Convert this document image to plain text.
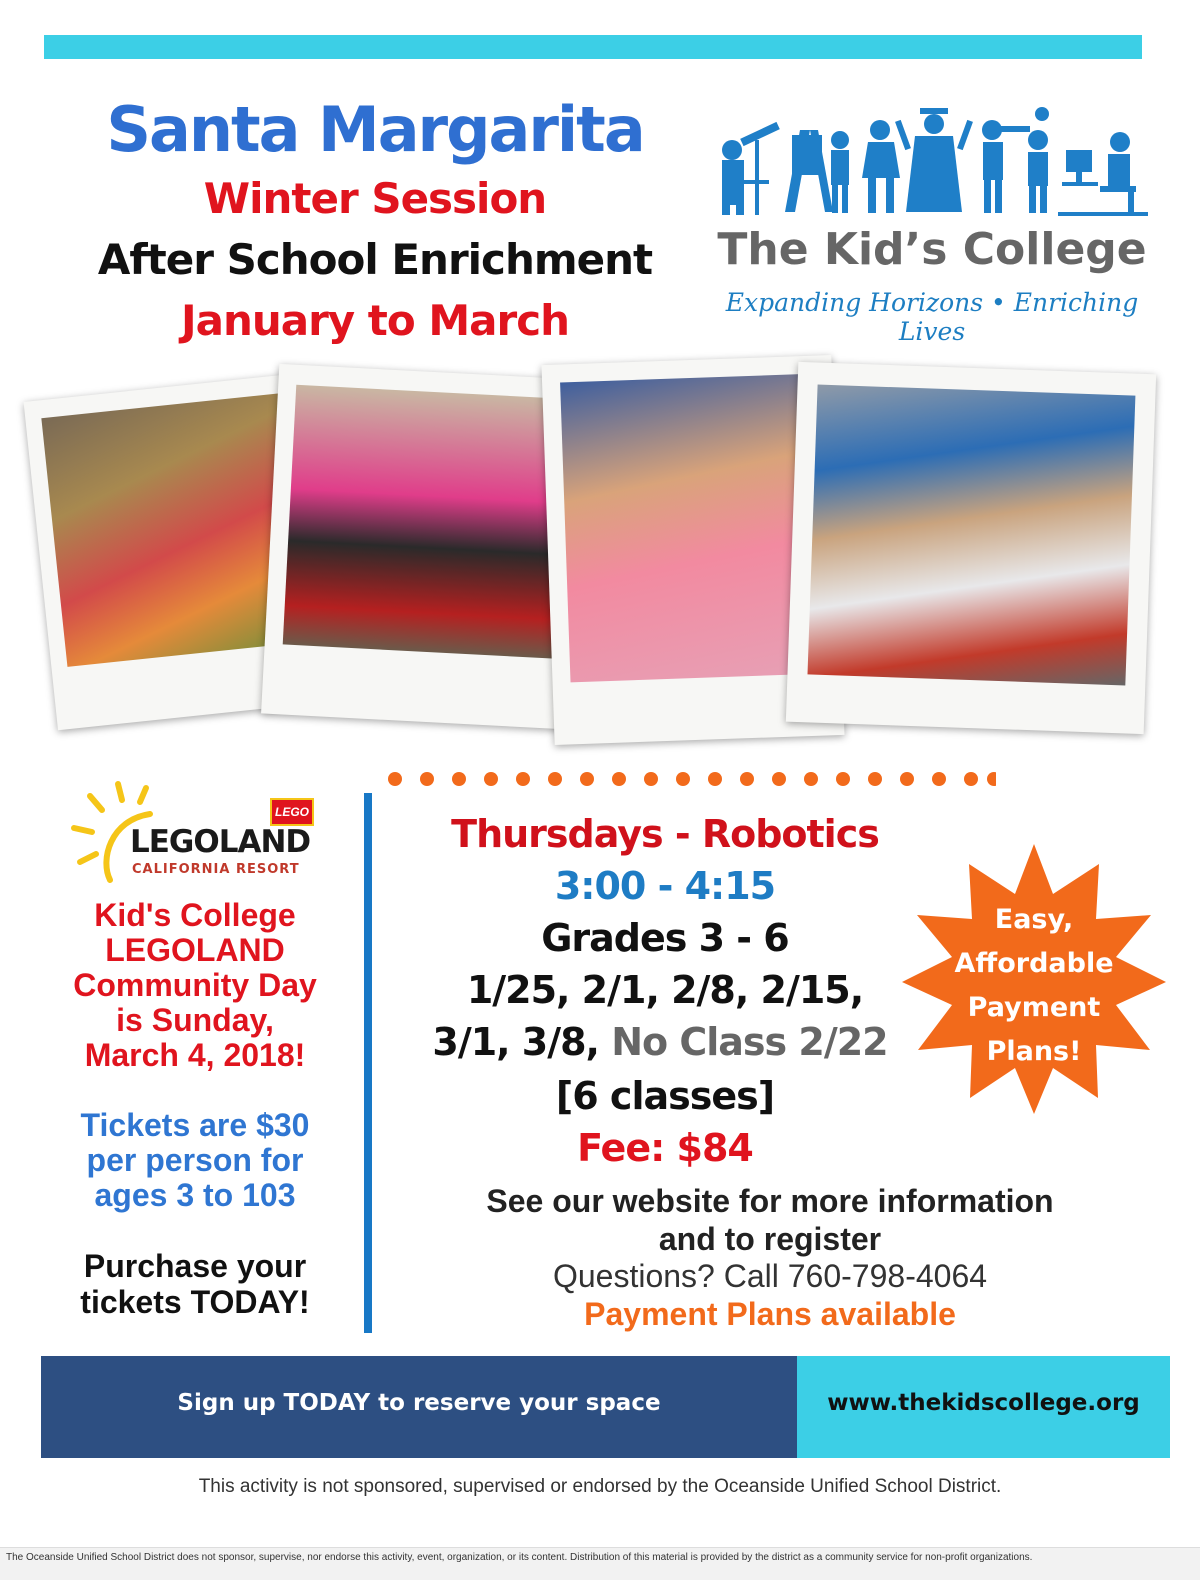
Santa Margarita
Winter Session
After School Enrichment
January to March
The Kid’s College
Expanding Horizons • Enriching Lives
LEGO
LEGOLAND
CALIFORNIA RESORT
Kid's College
LEGOLAND
Community Day
is Sunday,
March 4, 2018!
Tickets are $30
per person for
ages 3 to 103
Purchase your
tickets TODAY!
Thursdays - Robotics
3:00 - 4:15
Grades 3 - 6
1/25, 2/1, 2/8, 2/15,
3/1, 3/8, No Class 2/22
[6 classes]
Fee: $84
See our website for more information
and to register
Questions? Call 760-798-4064
Payment Plans available
Easy,
Affordable
Payment
Plans!
Sign up TODAY to reserve your space	www.thekidscollege.org
This activity is not sponsored, supervised or endorsed by the Oceanside Unified School District.
The Oceanside Unified School District does not sponsor, supervise, nor endorse this activity, event, organization, or its content. Distribution of this material is provided by the district as a community service for non-profit organizations.
